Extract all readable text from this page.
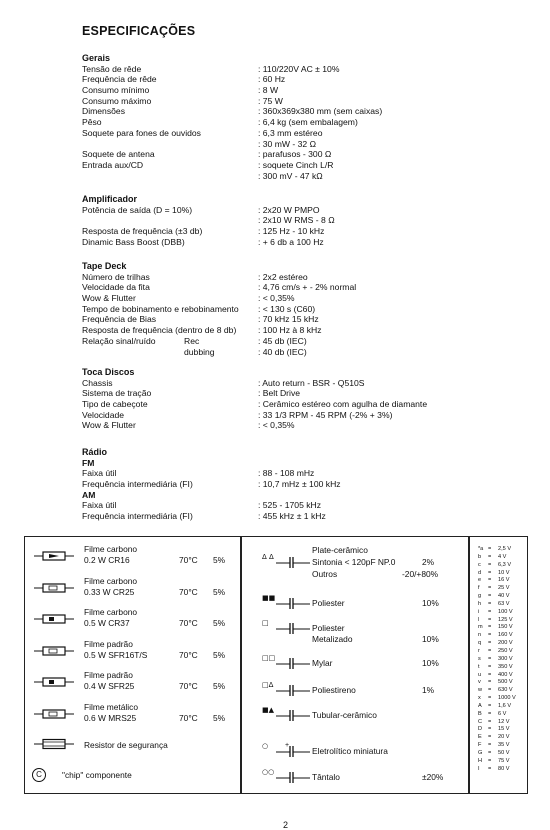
ESPECIFICAÇÕES
Gerais
Tensão de rêde	: 110/220V AC ± 10%
Frequência de rêde	: 60 Hz
Consumo mínimo	: 8 W
Consumo máximo	: 75 W
Dimensões	: 360x369x380 mm (sem caixas)
Pêso	: 6,4 kg (sem embalagem)
Soquete para fones de ouvidos	: 6,3 mm estéreo
: 30 mW - 32 Ω
Soquete de antena	: parafusos - 300 Ω
Entrada aux/CD	: soquete Cinch L/R
: 300 mV - 47 kΩ
Amplificador
Potência de saída (D = 10%)	: 2x20 W PMPO
: 2x10 W RMS - 8 Ω
Resposta de frequência (±3 db)	: 125 Hz - 10 kHz
Dinamic Bass Boost (DBB)	: + 6 db a 100 Hz
Tape Deck
Número de trilhas	: 2x2 estéreo
Velocidade da fita	: 4,76 cm/s + - 2% normal
Wow & Flutter	: < 0,35%
Tempo de bobinamento e rebobinamento : < 130 s (C60)
Frequência de Bias	: 70 kHz 15 kHz
Resposta de frequência (dentro de 8 db)	: 100 Hz à 8 kHz
Relação sinal/ruído	Rec	: 45 db (IEC)
dubbing	: 40 db (IEC)
Toca Discos
Chassis	: Auto return - BSR - Q510S
Sistema de tração	: Belt Drive
Tipo de cabeçote	: Cerâmico estéreo com agulha de diamante
Velocidade	: 33 1/3 RPM - 45 RPM (-2% + 3%)
Wow & Flutter	: < 0,35%
Rádio
FM
Faixa útil	: 88 - 108 mHz
Frequência intermediária (FI)	: 10,7 mHz ± 100 kHz
AM
Faixa útil	: 525 - 1705 kHz
Frequência intermediária (FI)	: 455 kHz ± 1 kHz
Filme carbono
0.2 W CR16	70°C 5%
Filme carbono
0.33 W CR25	70°C 5%
Filme carbono
0.5 W CR37	70°C 5%
Filme padrão
0.5 W SFR16T/S	70°C 5%
Filme padrão
0.4 W SFR25	70°C 5%
Filme metálico
0.6 W MRS25	70°C 5%
Resistor de segurança
C	"chip" componente
Plate-cerâmico
Δ Δ	Sintonia < 120pF NP.0	2%
Outros	-20/+80%
■■	Poliester	10%
□	Poliester
Metalizado	10%
□□	Mylar	10%
□Δ	Poliestireno	1%
■▲	Tubular-cerâmico
○ +
Eletrolítico miniatura
○○	Tântalo	±20%
*a =	2,5 V
b	=	4 V
c	=	6,3 V
d	=	10 V
e	=	16 V
f	=	25 V
g	=	40 V
h	=	63 V
i	=	100 V
l	=	125 V
m =	150 V
n	=	160 V
q	=	200 V
r	=	250 V
s	=	300 V
t	=	350 V
u	=	400 V
v	=	500 V
w	=	630 V
x	=	1000 V
A	=	1,6 V
B	=	6 V
C	=	12 V
D	=	15 V
E	=	20 V
F	=	35 V
G	=	50 V
H	=	75 V
I	=	80 V
2
